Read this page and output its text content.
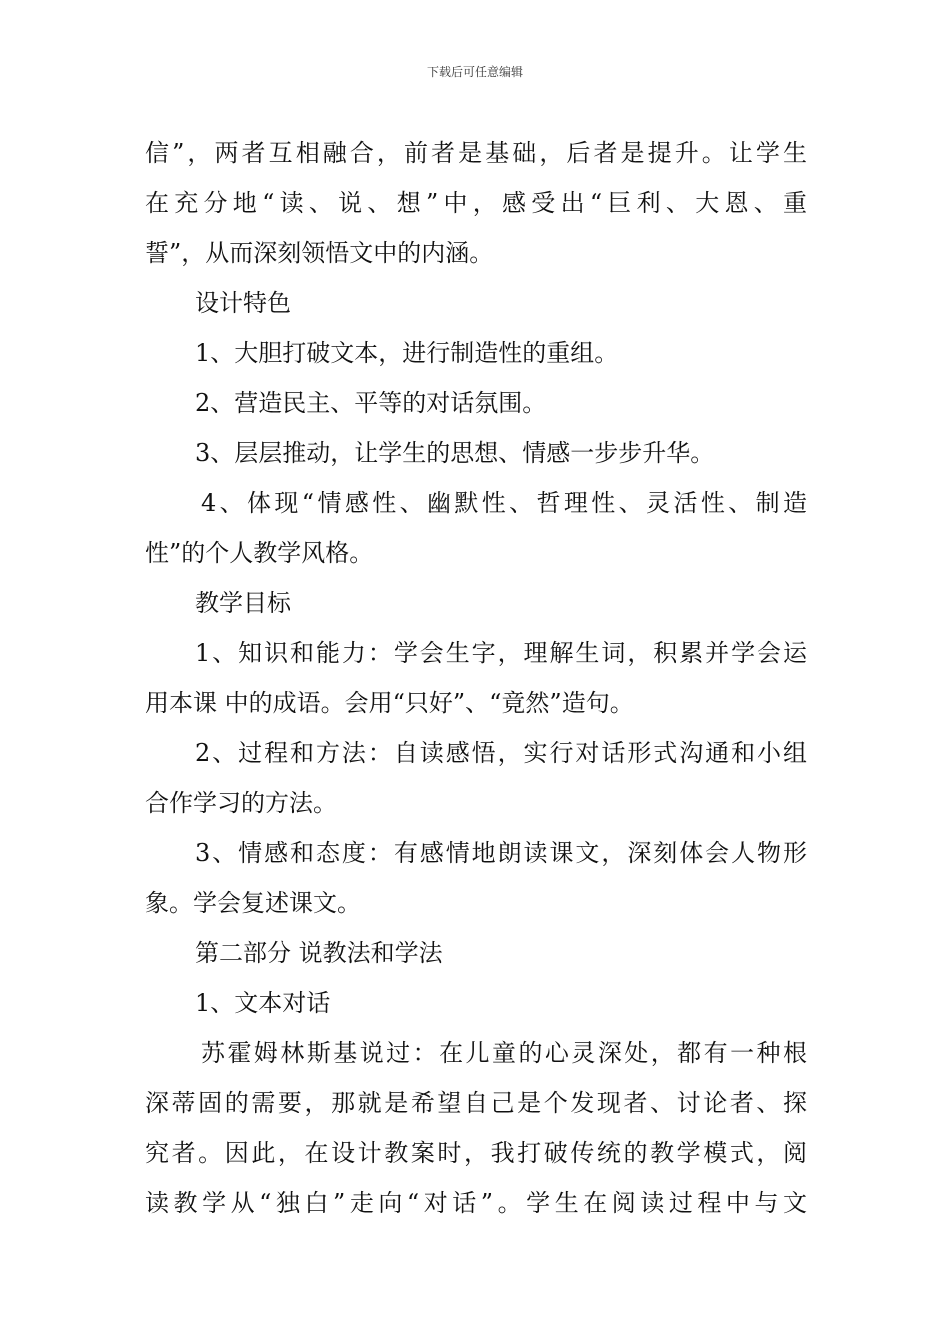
下载后可任意编辑
信”，两者互相融合，前者是基础，后者是提升。让学生
在充分地“读、说、想”中，感受出“巨利、大恩、重
誓”，从而深刻领悟文中的内涵。
设计特色
1、大胆打破文本，进行制造性的重组。
2、营造民主、平等的对话氛围。
3、层层推动，让学生的思想、情感一步步升华。
4、体现“情感性、幽默性、哲理性、灵活性、制造
性”的个人教学风格。
教学目标
1、知识和能力：学会生字，理解生词，积累并学会运
用本课 中的成语。会用“只好”、“竟然”造句。
2、过程和方法：自读感悟，实行对话形式沟通和小组
合作学习的方法。
3、情感和态度：有感情地朗读课文，深刻体会人物形
象。学会复述课文。
第二部分 说教法和学法
1、文本对话
苏霍姆林斯基说过：在儿童的心灵深处，都有一种根
深蒂固的需要，那就是希望自己是个发现者、讨论者、探
究者。因此，在设计教案时，我打破传统的教学模式，阅
读教学从“独白”走向“对话”。学生在阅读过程中与文
